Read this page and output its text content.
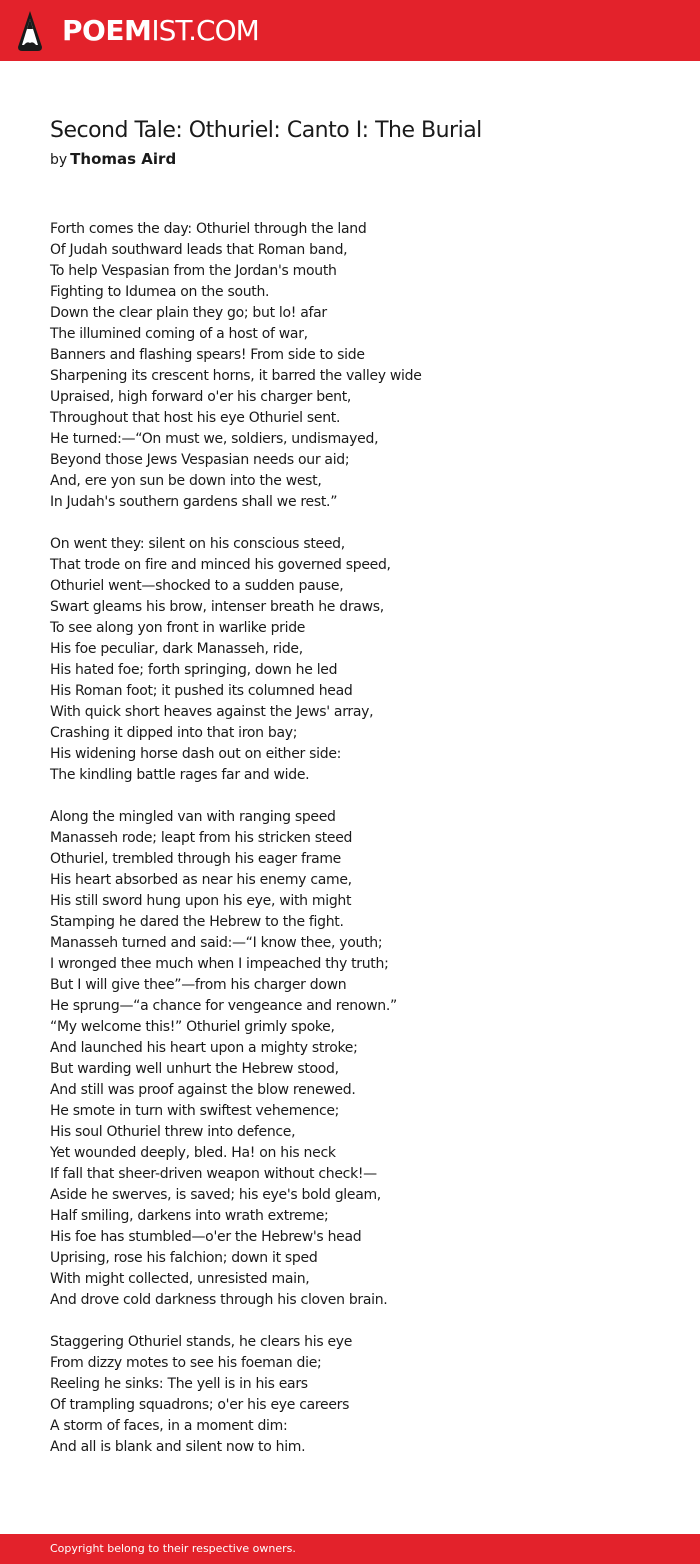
POEMIST.COM
Second Tale: Othuriel: Canto I: The Burial
by Thomas Aird
Forth comes the day: Othuriel through the land
Of Judah southward leads that Roman band,
To help Vespasian from the Jordan's mouth
Fighting to Idumea on the south.
Down the clear plain they go; but lo! afar
The illumined coming of a host of war,
Banners and flashing spears! From side to side
Sharpening its crescent horns, it barred the valley wide
Upraised, high forward o'er his charger bent,
Throughout that host his eye Othuriel sent.
He turned:—“On must we, soldiers, undismayed,
Beyond those Jews Vespasian needs our aid;
And, ere yon sun be down into the west,
In Judah's southern gardens shall we rest.”
On went they: silent on his conscious steed,
That trode on fire and minced his governed speed,
Othuriel went—shocked to a sudden pause,
Swart gleams his brow, intenser breath he draws,
To see along yon front in warlike pride
His foe peculiar, dark Manasseh, ride,
His hated foe; forth springing, down he led
His Roman foot; it pushed its columned head
With quick short heaves against the Jews' array,
Crashing it dipped into that iron bay;
His widening horse dash out on either side:
The kindling battle rages far and wide.
Along the mingled van with ranging speed
Manasseh rode; leapt from his stricken steed
Othuriel, trembled through his eager frame
His heart absorbed as near his enemy came,
His still sword hung upon his eye, with might
Stamping he dared the Hebrew to the fight.
Manasseh turned and said:—“I know thee, youth;
I wronged thee much when I impeached thy truth;
But I will give thee”—from his charger down
He sprung—“a chance for vengeance and renown.”
“My welcome this!” Othuriel grimly spoke,
And launched his heart upon a mighty stroke;
But warding well unhurt the Hebrew stood,
And still was proof against the blow renewed.
He smote in turn with swiftest vehemence;
His soul Othuriel threw into defence,
Yet wounded deeply, bled. Ha! on his neck
If fall that sheer-driven weapon without check!—
Aside he swerves, is saved; his eye's bold gleam,
Half smiling, darkens into wrath extreme;
His foe has stumbled—o'er the Hebrew's head
Uprising, rose his falchion; down it sped
With might collected, unresisted main,
And drove cold darkness through his cloven brain.
Staggering Othuriel stands, he clears his eye
From dizzy motes to see his foeman die;
Reeling he sinks: The yell is in his ears
Of trampling squadrons; o'er his eye careers
A storm of faces, in a moment dim:
And all is blank and silent now to him.
Copyright belong to their respective owners.
